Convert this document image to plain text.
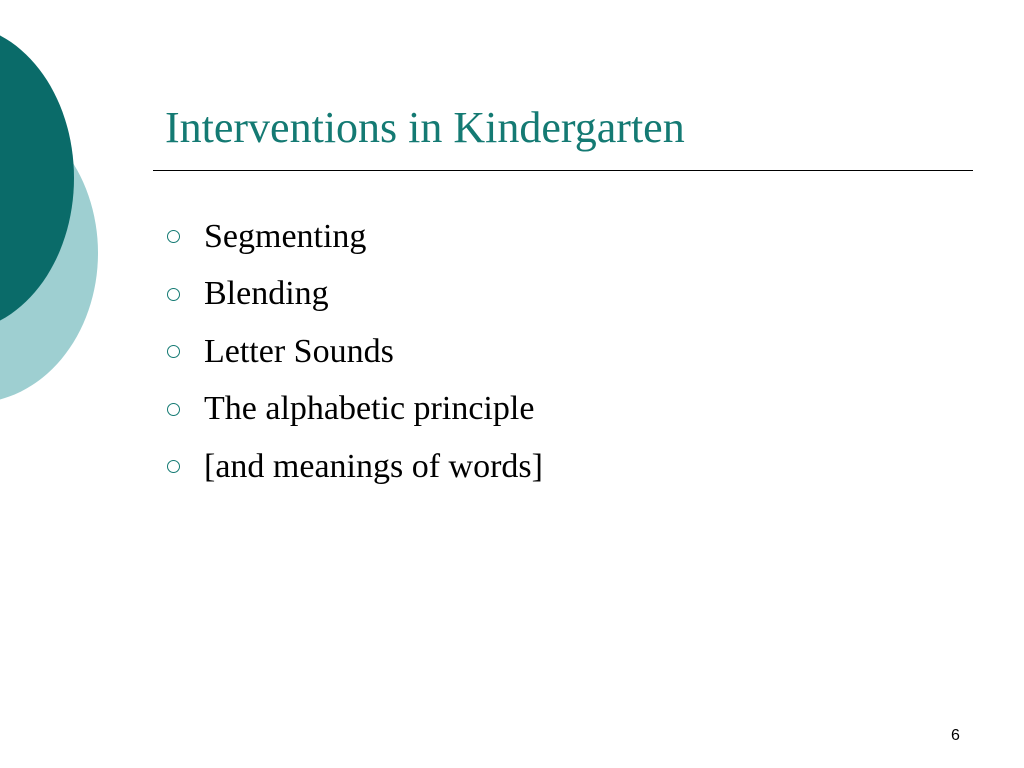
Interventions in Kindergarten
Segmenting
Blending
Letter Sounds
The alphabetic principle
[and meanings of words]
6
